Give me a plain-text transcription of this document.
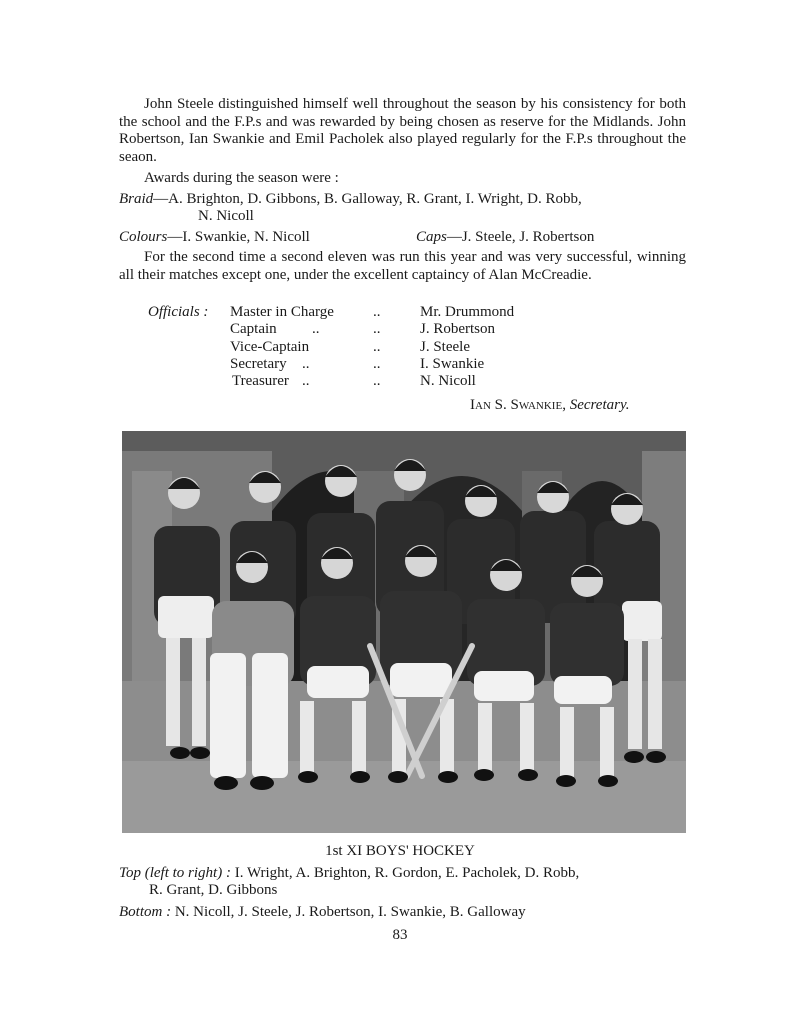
John Steele distinguished himself well throughout the season by his consistency for both the school and the F.P.s and was rewarded by being chosen as reserve for the Midlands. John Robertson, Ian Swankie and Emil Pacholek also played regularly for the F.P.s throughout the seaon.

Awards during the season were :
Braid—A. Brighton, D. Gibbons, B. Galloway, R. Grant, I. Wright, D. Robb,
N. Nicoll
Colours—I. Swankie, N. Nicoll	Caps—J. Steele, J. Robertson

For the second time a second eleven was run this year and was very successful, winning all their matches except one, under the excellent captaincy of Alan McCreadie.

Officials : Master in Charge	..	Mr. Drummond
Captain ..	..	J. Robertson
Vice-Captain	..	J. Steele
Secretary ..	..	I. Swankie
Treasurer ..	..	N. Nicoll
Ian S. Swankie, Secretary.
1st XI BOYS' HOCKEY
Top (left to right) : I. Wright, A. Brighton, R. Gordon, E. Pacholek, D. Robb,
R. Grant, D. Gibbons
Bottom : N. Nicoll, J. Steele, J. Robertson, I. Swankie, B. Galloway
83
